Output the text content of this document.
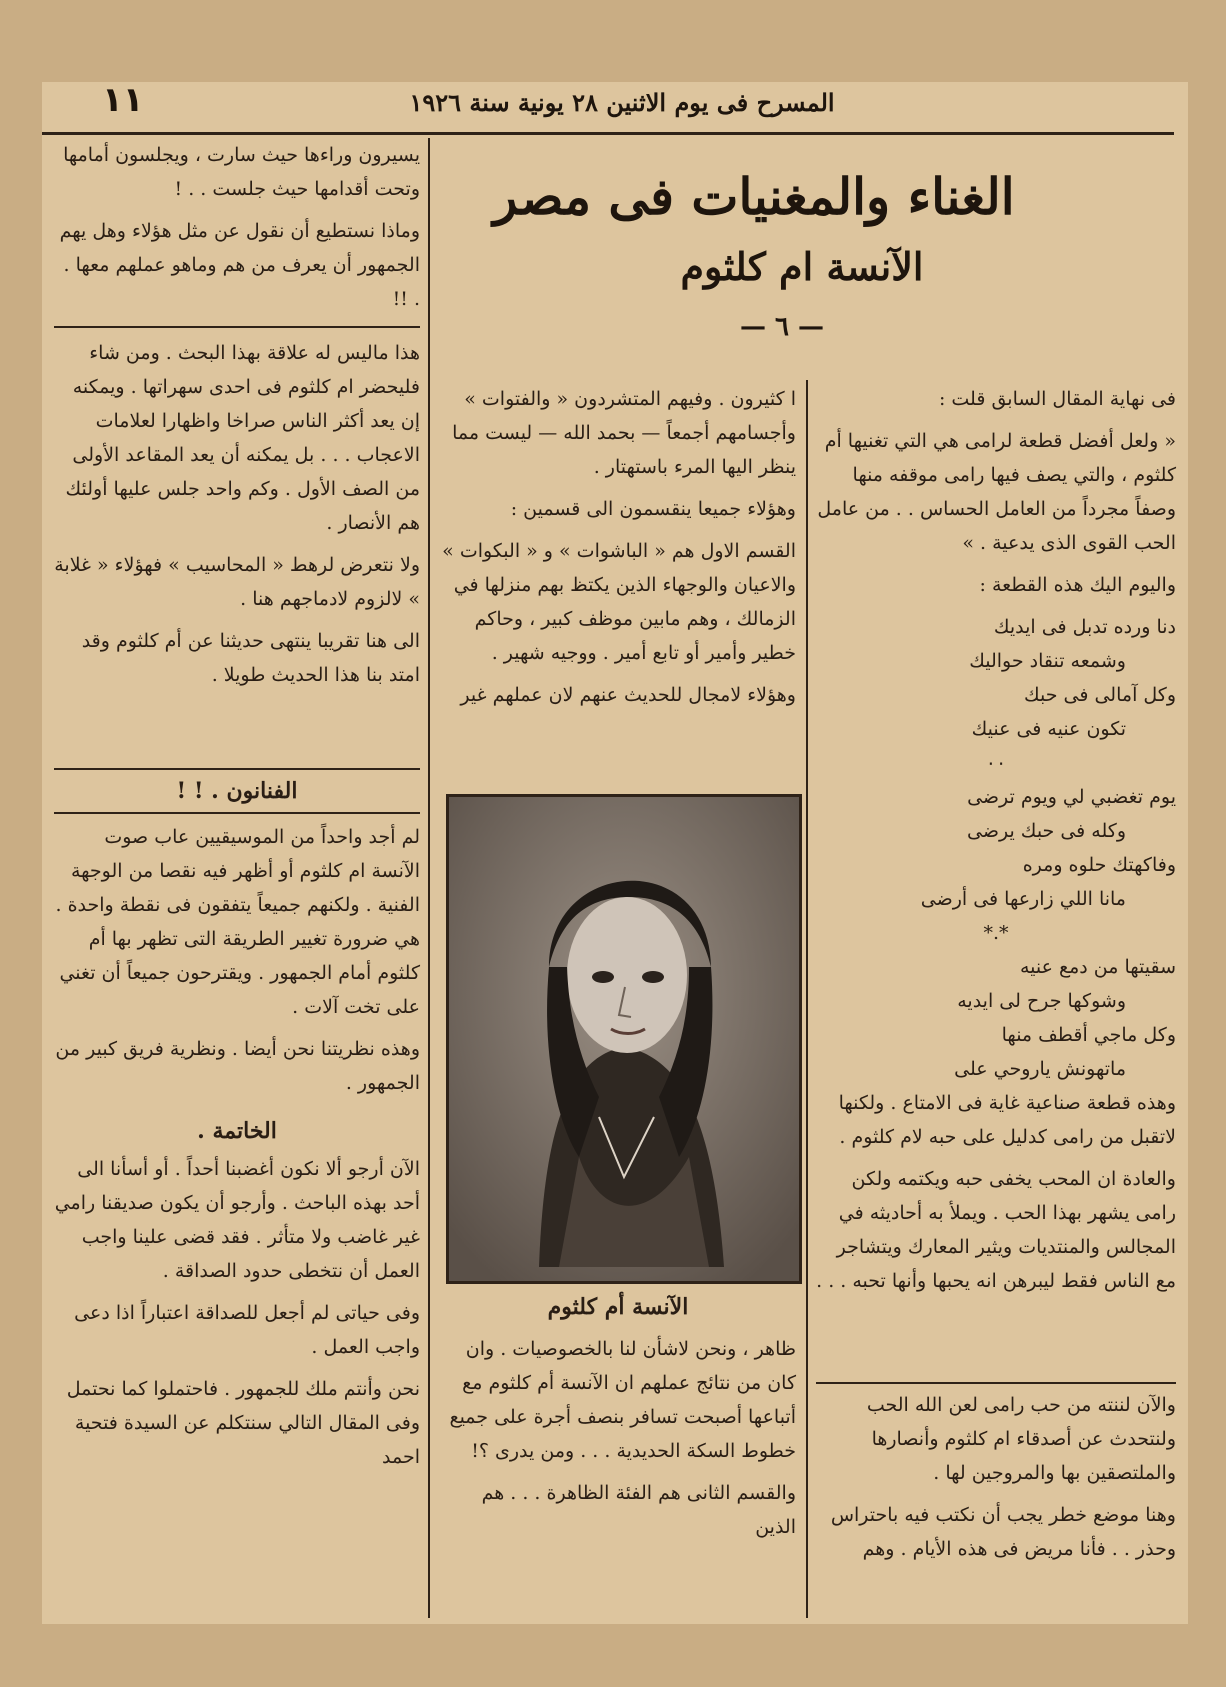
١١	المسرح فی یوم الاثنین ٢٨ یونیة سنة ١٩٢٦
الغناء والمغنيات فی مصر
الآنسة ام كلثوم
— ٦ —

فی نهاية المقال السابق قلت :

« ولعل أفضل قطعة لرامی هي التي تغنيها أم كلثوم ، والتي يصف فيها رامی موقفه منها وصفاً مجرداً من العامل الحساس . . من عامل الحب القوی الذی يدعية . »

واليوم اليك هذه القطعة :

دنا ورده تدبل فی ايديك
وشمعه تنقاد حواليك
وكل آمالی فی حبك
تكون عنيه فی عنيك
٠٠
يوم تغضبي لي ويوم ترضی
وكله فی حبك يرضی
وفاكهتك حلوه ومره
مانا اللي زارعها فی أرضی
*.*
سقيتها من دمع عنيه
وشوكها جرح لی ايديه
وكل ماجي أقطف منها
ماتهونش ياروحي علی

وهذه قطعة صناعية غاية فی الامتاع . ولكنها لاتقبل من رامی كدليل علی حبه لام كلثوم .

والعادة ان المحب يخفی حبه ويكتمه ولكن رامی يشهر بهذا الحب . ويملأ به أحاديثه في المجالس والمنتديات ويثير المعارك ويتشاجر مع الناس فقط ليبرهن انه يحبها وأنها تحبه . . .

والآن لننته من حب رامی لعن الله الحب ولنتحدث عن أصدقاء ام كلثوم وأنصارها والملتصقين بها والمروجين لها .

وهنا موضع خطر يجب أن نكتب فيه باحتراس وحذر . . فأنا مريض فی هذه الأيام . وهم

ا كثيرون . وفيهم المتشردون « والفتوات » وأجسامهم أجمعاً — بحمد الله — ليست مما ينظر اليها المرء باستهتار .

وهؤلاء جميعا ينقسمون الی قسمين :

القسم الاول هم « الباشوات » و « البكوات » والاعيان والوجهاء الذين يكتظ بهم منزلها في الزمالك ، وهم مابين موظف كبير ، وحاكم خطير وأمير أو تابع أمير . ووجيه شهير .

وهؤلاء لامجال للحديث عنهم لان عملهم غير

الآنسة أم كلثوم

ظاهر ، ونحن لاشأن لنا بالخصوصيات . وان كان من نتائج عملهم ان الآنسة أم كلثوم مع أتباعها أصبحت تسافر بنصف أجرة علی جميع خطوط السكة الحديدية . . . ومن يدری ؟!

والقسم الثانی هم الفئة الظاهرة . . . هم الذين

يسيرون وراءها حيث سارت ، ويجلسون أمامها وتحت أقدامها حيث جلست . . !

وماذا نستطيع أن نقول عن مثل هؤلاء وهل يهم الجمهور أن يعرف من هم وماهو عملهم معها . . !!

هذا ماليس له علاقة بهذا البحث . ومن شاء فليحضر ام كلثوم فی احدی سهراتها . ويمكنه إن يعد أكثر الناس صراخا واظهارا لعلامات الاعجاب . . . بل يمكنه أن يعد المقاعد الأولی من الصف الأول . وكم واحد جلس عليها أولئك هم الأنصار .

ولا نتعرض لرهط « المحاسيب » فهؤلاء « غلابة » لالزوم لادماجهم هنا .

الی هنا تقريبا ينتهی حديثنا عن أم كلثوم وقد امتد بنا هذا الحديث طويلا .

الفنانون . ! !

لم أجد واحداً من الموسيقيين عاب صوت الآنسة ام كلثوم أو أظهر فيه نقصا من الوجهة الفنية . ولكنهم جميعاً يتفقون فی نقطة واحدة . هي ضرورة تغيير الطريقة التی تظهر بها أم كلثوم أمام الجمهور . ويقترحون جميعاً أن تغني علی تخت آلات .

وهذه نظريتنا نحن أيضا . ونظرية فريق كبير من الجمهور .

الخاتمة .

الآن أرجو ألا نكون أغضبنا أحداً . أو أسأنا الی أحد بهذه الباحث . وأرجو أن يكون صديقنا رامي غير غاضب ولا متأثر . فقد قضی علينا واجب العمل أن نتخطی حدود الصداقة .

وفی حياتی لم أجعل للصداقة اعتباراً اذا دعی واجب العمل .

نحن وأنتم ملك للجمهور . فاحتملوا كما نحتمل وفی المقال التالي سنتكلم عن السيدة فتحية احمد
